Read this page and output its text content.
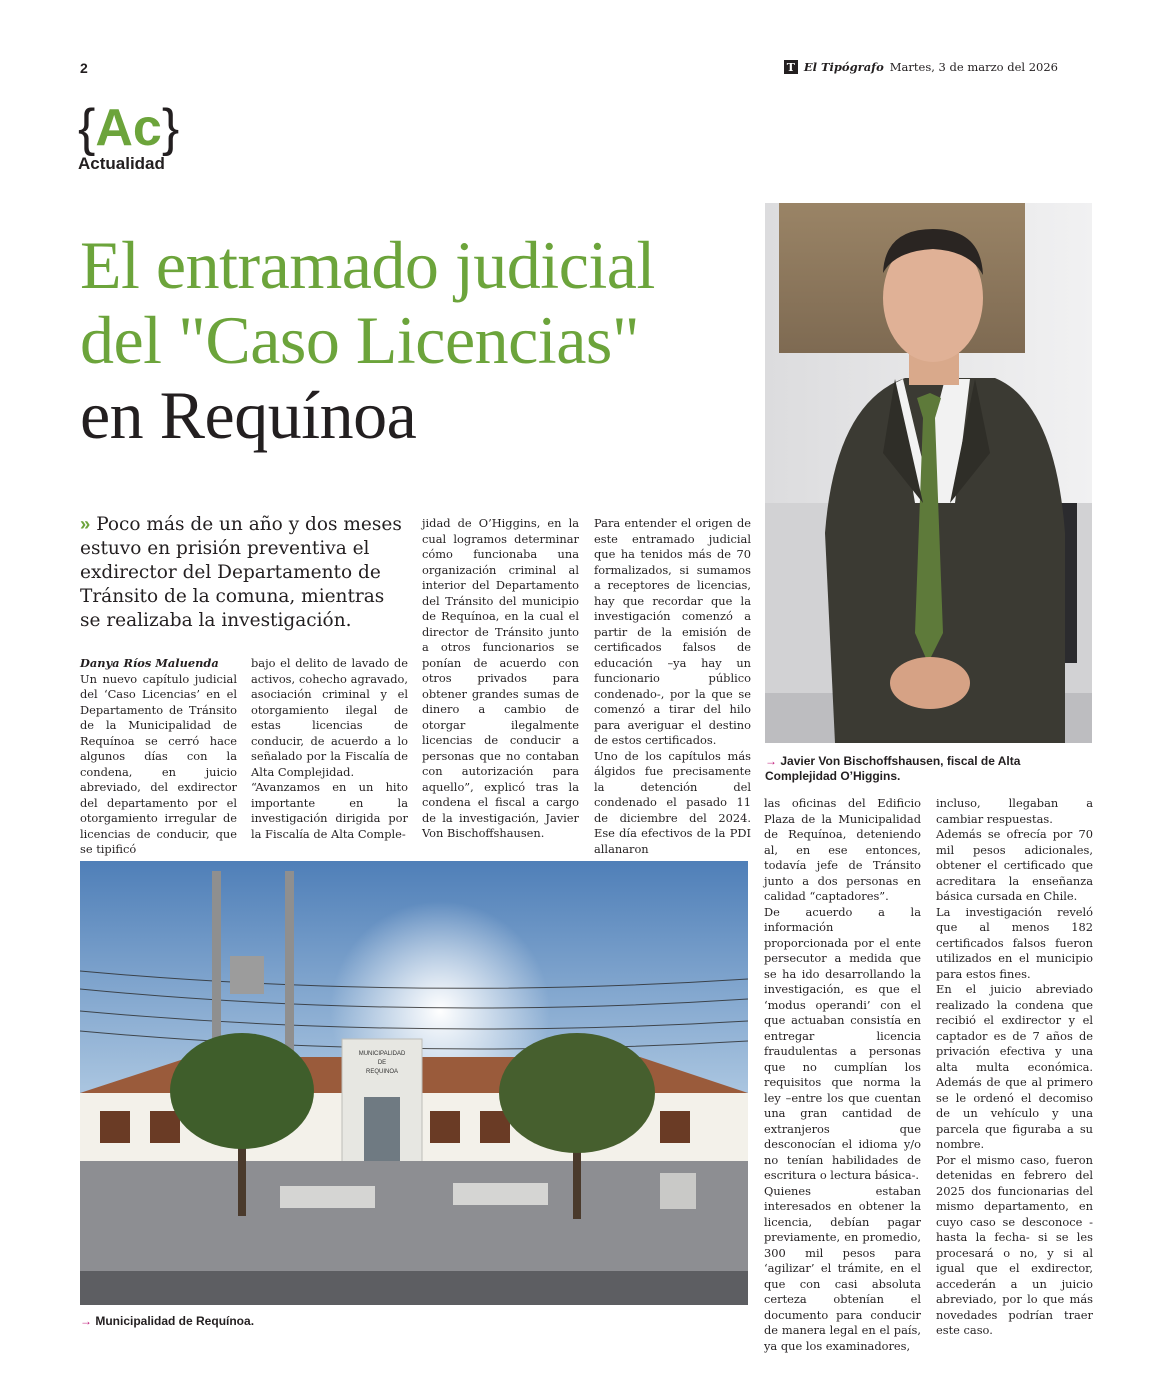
2	T El Tipógrafo Martes, 3 de marzo del 2026
{Ac}
Actualidad
El entramado judicial
del "Caso Licencias"
en Requínoa
» Poco más de un año y dos meses estuvo en prisión preventiva el exdirector del Departamento de Tránsito de la comuna, mientras se realizaba la investigación.

Danya Ríos Maluenda

Un nuevo capítulo judicial del ‘Caso Licencias’ en el Departamento de Tránsito de la Municipalidad de Requínoa se cerró hace algunos días con la condena, en juicio abreviado, del exdirector del departamento por el otorgamiento irregular de licencias de conducir, que se tipificó

bajo el delito de lavado de activos, cohecho agravado, asociación criminal y el otorgamiento ilegal de estas licencias de conducir, de acuerdo a lo señalado por la Fiscalía de Alta Complejidad.

“Avanzamos en un hito importante en la investigación dirigida por la Fiscalía de Alta Comple-

jidad de O’Higgins, en la cual logramos determinar cómo funcionaba una organización criminal al interior del Departamento del Tránsito del municipio de Requínoa, en la cual el director de Tránsito junto a otros funcionarios se ponían de acuerdo con otros privados para obtener grandes sumas de dinero a cambio de otorgar ilegalmente licencias de conducir a personas que no contaban con autorización para aquello”, explicó tras la condena el fiscal a cargo de la investigación, Javier Von Bischoffshausen.

Para entender el origen de este entramado judicial que ha tenidos más de 70 formalizados, si sumamos a receptores de licencias, hay que recordar que la investigación comenzó a partir de la emisión de certificados falsos de educación –ya hay un funcionario público condenado-, por la que se comenzó a tirar del hilo para averiguar el destino de estos certificados.

Uno de los capítulos más álgidos fue precisamente la detención del condenado el pasado 11 de diciembre del 2024. Ese día efectivos de la PDI allanaron

las oficinas del Edificio Plaza de la Municipalidad de Requínoa, deteniendo al, en ese entonces, todavía jefe de Tránsito junto a dos personas en calidad “captadores”.

De acuerdo a la información proporcionada por el ente persecutor a medida que se ha ido desarrollando la investigación, es que el ‘modus operandi’ con el que actuaban consistía en entregar licencia fraudulentas a personas que no cumplían los requisitos que norma la ley –entre los que cuentan una gran cantidad de extranjeros que desconocían el idioma y/o no tenían habilidades de escritura o lectura básica-.

Quienes estaban interesados en obtener la licencia, debían pagar previamente, en promedio, 300 mil pesos para ‘agilizar’ el trámite, en el que con casi absoluta certeza obtenían el documento para conducir de manera legal en el país, ya que los examinadores,

incluso, llegaban a cambiar respuestas.

Además se ofrecía por 70 mil pesos adicionales, obtener el certificado que acreditara la enseñanza básica cursada en Chile.

La investigación reveló que al menos 182 certificados falsos fueron utilizados en el municipio para estos fines.

En el juicio abreviado realizado la condena que recibió el exdirector y el captador es de 7 años de privación efectiva y una alta multa económica. Además de que al primero se le ordenó el decomiso de un vehículo y una parcela que figuraba a su nombre.

Por el mismo caso, fueron detenidas en febrero del 2025 dos funcionarias del mismo departamento, en cuyo caso se desconoce -hasta la fecha- si se les procesará o no, y si al igual que el exdirector, accederán a un juicio abreviado, por lo que más novedades podrían traer este caso.

→ Javier Von Bischoffshausen, fiscal de Alta Complejidad O’Higgins.
MUNICIPALIDAD
DE
REQUINOA
→ Municipalidad de Requínoa.
